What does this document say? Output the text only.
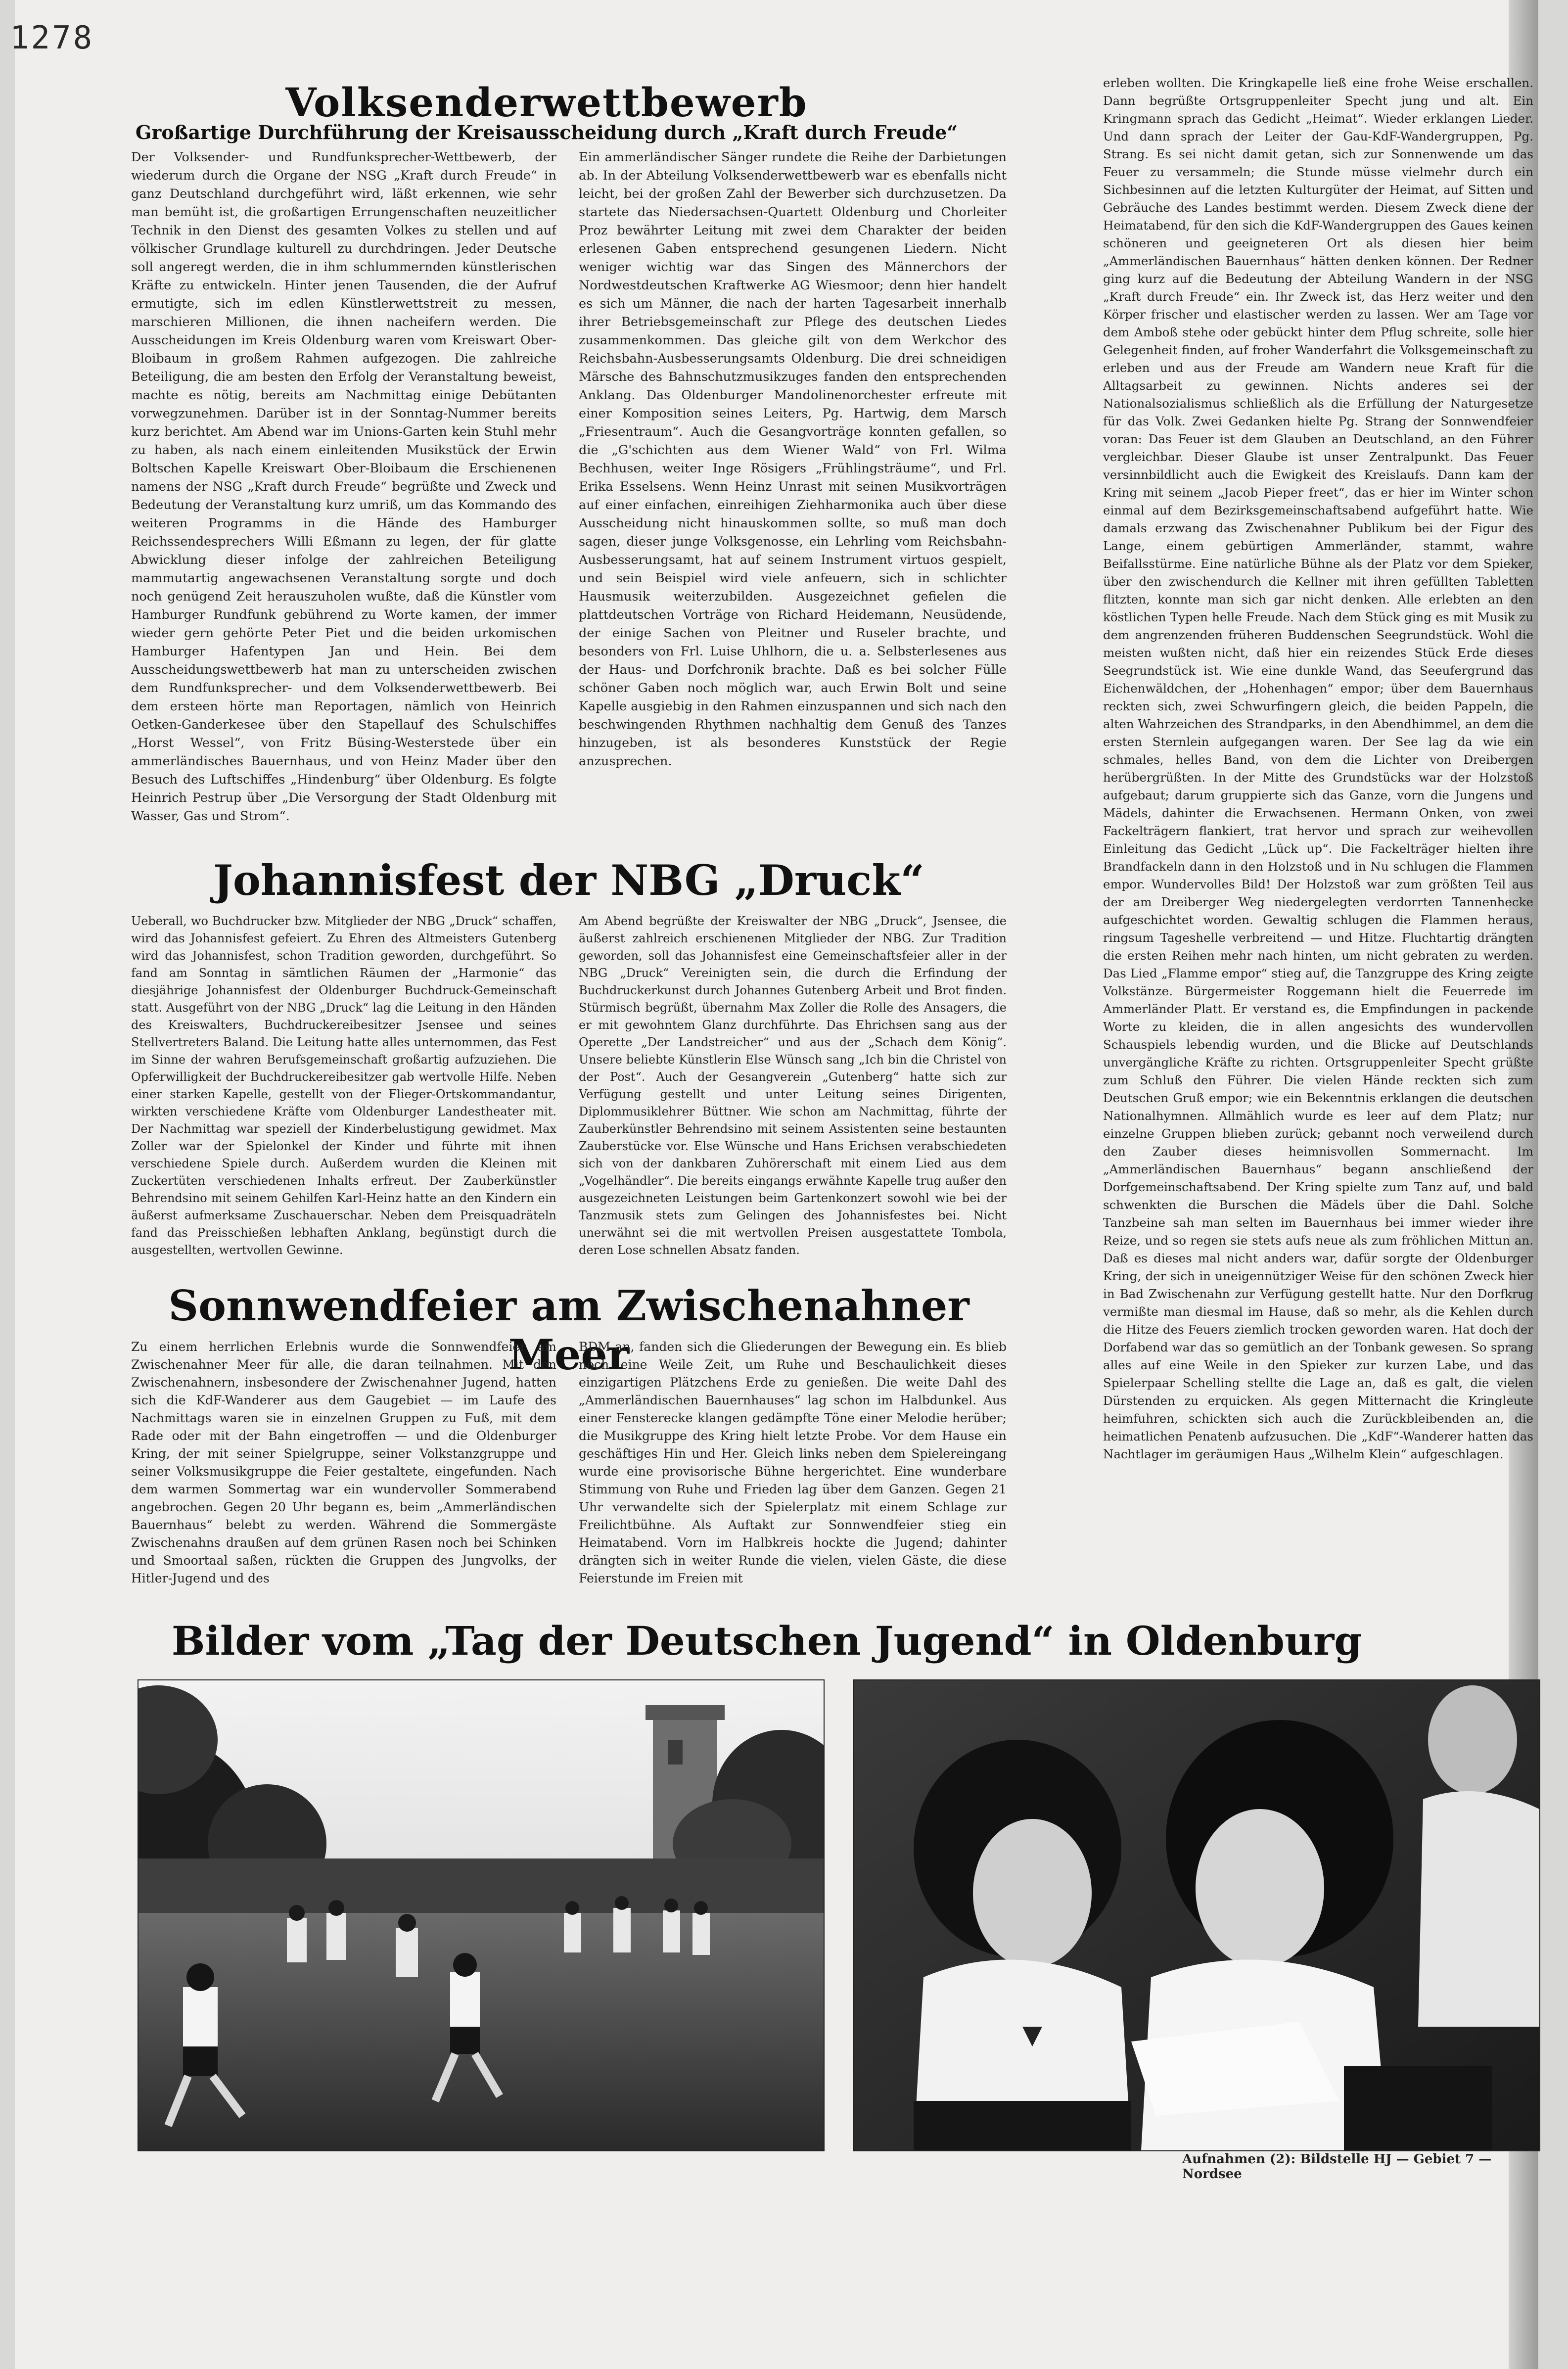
1278
Volksenderwettbewerb
Großartige Durchführung der Kreisausscheidung durch „Kraft durch Freude“
Der Volksender- und Rundfunksprecher-Wettbewerb, der wiederum durch die Organe der NSG „Kraft durch Freude“ in ganz Deutschland durchgeführt wird, läßt erkennen, wie sehr man bemüht ist, die großartigen Errungenschaften neuzeitlicher Technik in den Dienst des gesamten Volkes zu stellen und auf völkischer Grundlage kulturell zu durchdringen. Jeder Deutsche soll angeregt werden, die in ihm schlummernden künstlerischen Kräfte zu entwickeln. Hinter jenen Tausenden, die der Aufruf ermutigte, sich im edlen Künstlerwettstreit zu messen, marschieren Millionen, die ihnen nacheifern werden. Die Ausscheidungen im Kreis Oldenburg waren vom Kreiswart Ober-Bloibaum in großem Rahmen aufgezogen. Die zahlreiche Beteiligung, die am besten den Erfolg der Veranstaltung beweist, machte es nötig, bereits am Nachmittag einige Debütanten vorwegzunehmen. Darüber ist in der Sonntag-Nummer bereits kurz berichtet. Am Abend war im Unions-Garten kein Stuhl mehr zu haben, als nach einem einleitenden Musikstück der Erwin Boltschen Kapelle Kreiswart Ober-Bloibaum die Erschienenen namens der NSG „Kraft durch Freude“ begrüßte und Zweck und Bedeutung der Veranstaltung kurz umriß, um das Kommando des weiteren Programms in die Hände des Hamburger Reichssendesprechers Willi Eßmann zu legen, der für glatte Abwicklung dieser infolge der zahlreichen Beteiligung mammutartig angewachsenen Veranstaltung sorgte und doch noch genügend Zeit herauszuholen wußte, daß die Künstler vom Hamburger Rundfunk gebührend zu Worte kamen, der immer wieder gern gehörte Peter Piet und die beiden urkomischen Hamburger Hafentypen Jan und Hein. Bei dem Ausscheidungswettbewerb hat man zu unterscheiden zwischen dem Rundfunksprecher- und dem Volksenderwettbewerb. Bei dem ersteen hörte man Reportagen, nämlich von Heinrich Oetken-Ganderkesee über den Stapellauf des Schulschiffes „Horst Wessel“, von Fritz Büsing-Westerstede über ein ammerländisches Bauernhaus, und von Heinz Mader über den Besuch des Luftschiffes „Hindenburg“ über Oldenburg. Es folgte Heinrich Pestrup über „Die Versorgung der Stadt Oldenburg mit Wasser, Gas und Strom“.
Ein ammerländischer Sänger rundete die Reihe der Darbietungen ab. In der Abteilung Volksenderwettbewerb war es ebenfalls nicht leicht, bei der großen Zahl der Bewerber sich durchzusetzen. Da startete das Niedersachsen-Quartett Oldenburg und Chorleiter Proz bewährter Leitung mit zwei dem Charakter der beiden erlesenen Gaben entsprechend gesungenen Liedern. Nicht weniger wichtig war das Singen des Männerchors der Nordwestdeutschen Kraftwerke AG Wiesmoor; denn hier handelt es sich um Männer, die nach der harten Tagesarbeit innerhalb ihrer Betriebsgemeinschaft zur Pflege des deutschen Liedes zusammenkommen. Das gleiche gilt von dem Werkchor des Reichsbahn-Ausbesserungsamts Oldenburg. Die drei schneidigen Märsche des Bahnschutzmusikzuges fanden den entsprechenden Anklang. Das Oldenburger Mandolinenorchester erfreute mit einer Komposition seines Leiters, Pg. Hartwig, dem Marsch „Friesentraum“. Auch die Gesangvorträge konnten gefallen, so die „G'schichten aus dem Wiener Wald“ von Frl. Wilma Bechhusen, weiter Inge Rösigers „Frühlingsträume“, und Frl. Erika Esselsens. Wenn Heinz Unrast mit seinen Musikvorträgen auf einer einfachen, einreihigen Ziehharmonika auch über diese Ausscheidung nicht hinauskommen sollte, so muß man doch sagen, dieser junge Volksgenosse, ein Lehrling vom Reichsbahn-Ausbesserungsamt, hat auf seinem Instrument virtuos gespielt, und sein Beispiel wird viele anfeuern, sich in schlichter Hausmusik weiterzubilden. Ausgezeichnet gefielen die plattdeutschen Vorträge von Richard Heidemann, Neusüdende, der einige Sachen von Pleitner und Ruseler brachte, und besonders von Frl. Luise Uhlhorn, die u. a. Selbsterlesenes aus der Haus- und Dorfchronik brachte. Daß es bei solcher Fülle schöner Gaben noch möglich war, auch Erwin Bolt und seine Kapelle ausgiebig in den Rahmen einzuspannen und sich nach den beschwingenden Rhythmen nachhaltig dem Genuß des Tanzes hinzugeben, ist als besonderes Kunststück der Regie anzusprechen.
Johannisfest der NBG „Druck“
Ueberall, wo Buchdrucker bzw. Mitglieder der NBG „Druck“ schaffen, wird das Johannisfest gefeiert. Zu Ehren des Altmeisters Gutenberg wird das Johannisfest, schon Tradition geworden, durchgeführt. So fand am Sonntag in sämtlichen Räumen der „Harmonie“ das diesjährige Johannisfest der Oldenburger Buchdruck-Gemeinschaft statt. Ausgeführt von der NBG „Druck“ lag die Leitung in den Händen des Kreiswalters, Buchdruckereibesitzer Jsensee und seines Stellvertreters Baland. Die Leitung hatte alles unternommen, das Fest im Sinne der wahren Berufsgemeinschaft großartig aufzuziehen. Die Opferwilligkeit der Buchdruckereibesitzer gab wertvolle Hilfe. Neben einer starken Kapelle, gestellt von der Flieger-Ortskommandantur, wirkten verschiedene Kräfte vom Oldenburger Landestheater mit. Der Nachmittag war speziell der Kinderbelustigung gewidmet. Max Zoller war der Spielonkel der Kinder und führte mit ihnen verschiedene Spiele durch. Außerdem wurden die Kleinen mit Zuckertüten verschiedenen Inhalts erfreut. Der Zauberkünstler Behrendsino mit seinem Gehilfen Karl-Heinz hatte an den Kindern ein äußerst aufmerksame Zuschauerschar. Neben dem Preisquadräteln fand das Preisschießen lebhaften Anklang, begünstigt durch die ausgestellten, wertvollen Gewinne.
Am Abend begrüßte der Kreiswalter der NBG „Druck“, Jsensee, die äußerst zahlreich erschienenen Mitglieder der NBG. Zur Tradition geworden, soll das Johannisfest eine Gemeinschaftsfeier aller in der NBG „Druck“ Vereinigten sein, die durch die Erfindung der Buchdruckerkunst durch Johannes Gutenberg Arbeit und Brot finden. Stürmisch begrüßt, übernahm Max Zoller die Rolle des Ansagers, die er mit gewohntem Glanz durchführte. Das Ehrichsen sang aus der Operette „Der Landstreicher“ und aus der „Schach dem König“. Unsere beliebte Künstlerin Else Wünsch sang „Ich bin die Christel von der Post“. Auch der Gesangverein „Gutenberg“ hatte sich zur Verfügung gestellt und unter Leitung seines Dirigenten, Diplommusiklehrer Büttner. Wie schon am Nachmittag, führte der Zauberkünstler Behrendsino mit seinem Assistenten seine bestaunten Zauberstücke vor. Else Wünsche und Hans Erichsen verabschiedeten sich von der dankbaren Zuhörerschaft mit einem Lied aus dem „Vogelhändler“. Die bereits eingangs erwähnte Kapelle trug außer den ausgezeichneten Leistungen beim Gartenkonzert sowohl wie bei der Tanzmusik stets zum Gelingen des Johannisfestes bei. Nicht unerwähnt sei die mit wertvollen Preisen ausgestattete Tombola, deren Lose schnellen Absatz fanden.
Sonnwendfeier am Zwischenahner Meer
Zu einem herrlichen Erlebnis wurde die Sonnwendfeier am Zwischenahner Meer für alle, die daran teilnahmen. Mit den Zwischenahnern, insbesondere der Zwischenahner Jugend, hatten sich die KdF-Wanderer aus dem Gaugebiet — im Laufe des Nachmittags waren sie in einzelnen Gruppen zu Fuß, mit dem Rade oder mit der Bahn eingetroffen — und die Oldenburger Kring, der mit seiner Spielgruppe, seiner Volkstanzgruppe und seiner Volksmusikgruppe die Feier gestaltete, eingefunden. Nach dem warmen Sommertag war ein wundervoller Sommerabend angebrochen. Gegen 20 Uhr begann es, beim „Ammerländischen Bauernhaus“ belebt zu werden. Während die Sommergäste Zwischenahns draußen auf dem grünen Rasen noch bei Schinken und Smoortaal saßen, rückten die Gruppen des Jungvolks, der Hitler-Jugend und des
BDM an, fanden sich die Gliederungen der Bewegung ein. Es blieb noch eine Weile Zeit, um Ruhe und Beschaulichkeit dieses einzigartigen Plätzchens Erde zu genießen. Die weite Dahl des „Ammerländischen Bauernhauses“ lag schon im Halbdunkel. Aus einer Fensterecke klangen gedämpfte Töne einer Melodie herüber; die Musikgruppe des Kring hielt letzte Probe. Vor dem Hause ein geschäftiges Hin und Her. Gleich links neben dem Spielereingang wurde eine provisorische Bühne hergerichtet. Eine wunderbare Stimmung von Ruhe und Frieden lag über dem Ganzen. Gegen 21 Uhr verwandelte sich der Spielerplatz mit einem Schlage zur Freilichtbühne. Als Auftakt zur Sonnwendfeier stieg ein Heimatabend. Vorn im Halbkreis hockte die Jugend; dahinter drängten sich in weiter Runde die vielen, vielen Gäste, die diese Feierstunde im Freien mit
erleben wollten. Die Kringkapelle ließ eine frohe Weise erschallen. Dann begrüßte Ortsgruppenleiter Specht jung und alt. Ein Kringmann sprach das Gedicht „Heimat“. Wieder erklangen Lieder. Und dann sprach der Leiter der Gau-KdF-Wandergruppen, Pg. Strang. Es sei nicht damit getan, sich zur Sonnenwende um das Feuer zu versammeln; die Stunde müsse vielmehr durch ein Sichbesinnen auf die letzten Kulturgüter der Heimat, auf Sitten und Gebräuche des Landes bestimmt werden. Diesem Zweck diene der Heimatabend, für den sich die KdF-Wandergruppen des Gaues keinen schöneren und geeigneteren Ort als diesen hier beim „Ammerländischen Bauernhaus“ hätten denken können. Der Redner ging kurz auf die Bedeutung der Abteilung Wandern in der NSG „Kraft durch Freude“ ein. Ihr Zweck ist, das Herz weiter und den Körper frischer und elastischer werden zu lassen. Wer am Tage vor dem Amboß stehe oder gebückt hinter dem Pflug schreite, solle hier Gelegenheit finden, auf froher Wanderfahrt die Volksgemeinschaft zu erleben und aus der Freude am Wandern neue Kraft für die Alltagsarbeit zu gewinnen. Nichts anderes sei der Nationalsozialismus schließlich als die Erfüllung der Naturgesetze für das Volk. Zwei Gedanken hielte Pg. Strang der Sonnwendfeier voran: Das Feuer ist dem Glauben an Deutschland, an den Führer vergleichbar. Dieser Glaube ist unser Zentralpunkt. Das Feuer versinnbildlicht auch die Ewigkeit des Kreislaufs. Dann kam der Kring mit seinem „Jacob Pieper freet“, das er hier im Winter schon einmal auf dem Bezirksgemeinschaftsabend aufgeführt hatte. Wie damals erzwang das Zwischenahner Publikum bei der Figur des Lange, einem gebürtigen Ammerländer, stammt, wahre Beifallsstürme. Eine natürliche Bühne als der Platz vor dem Spieker, über den zwischendurch die Kellner mit ihren gefüllten Tabletten flitzten, konnte man sich gar nicht denken. Alle erlebten an den köstlichen Typen helle Freude. Nach dem Stück ging es mit Musik zu dem angrenzenden früheren Buddenschen Seegrundstück. Wohl die meisten wußten nicht, daß hier ein reizendes Stück Erde dieses Seegrundstück ist. Wie eine dunkle Wand, das Seeufergrund das Eichenwäldchen, der „Hohenhagen“ empor; über dem Bauernhaus reckten sich, zwei Schwurfingern gleich, die beiden Pappeln, die alten Wahrzeichen des Strandparks, in den Abendhimmel, an dem die ersten Sternlein aufgegangen waren. Der See lag da wie ein schmales, helles Band, von dem die Lichter von Dreibergen herübergrüßten. In der Mitte des Grundstücks war der Holzstoß aufgebaut; darum gruppierte sich das Ganze, vorn die Jungens und Mädels, dahinter die Erwachsenen. Hermann Onken, von zwei Fackelträgern flankiert, trat hervor und sprach zur weihevollen Einleitung das Gedicht „Lück up“. Die Fackelträger hielten ihre Brandfackeln dann in den Holzstoß und in Nu schlugen die Flammen empor. Wundervolles Bild! Der Holzstoß war zum größten Teil aus der am Dreiberger Weg niedergelegten verdorrten Tannenhecke aufgeschichtet worden. Gewaltig schlugen die Flammen heraus, ringsum Tageshelle verbreitend — und Hitze. Fluchtartig drängten die ersten Reihen mehr nach hinten, um nicht gebraten zu werden. Das Lied „Flamme empor“ stieg auf, die Tanzgruppe des Kring zeigte Volkstänze. Bürgermeister Roggemann hielt die Feuerrede im Ammerländer Platt. Er verstand es, die Empfindungen in packende Worte zu kleiden, die in allen angesichts des wundervollen Schauspiels lebendig wurden, und die Blicke auf Deutschlands unvergängliche Kräfte zu richten. Ortsgruppenleiter Specht grüßte zum Schluß den Führer. Die vielen Hände reckten sich zum Deutschen Gruß empor; wie ein Bekenntnis erklangen die deutschen Nationalhymnen. Allmählich wurde es leer auf dem Platz; nur einzelne Gruppen blieben zurück; gebannt noch verweilend durch den Zauber dieses heimnisvollen Sommernacht. Im „Ammerländischen Bauernhaus“ begann anschließend der Dorfgemeinschaftsabend. Der Kring spielte zum Tanz auf, und bald schwenkten die Burschen die Mädels über die Dahl. Solche Tanzbeine sah man selten im Bauernhaus bei immer wieder ihre Reize, und so regen sie stets aufs neue als zum fröhlichen Mittun an. Daß es dieses mal nicht anders war, dafür sorgte der Oldenburger Kring, der sich in uneigennütziger Weise für den schönen Zweck hier in Bad Zwischenahn zur Verfügung gestellt hatte. Nur den Dorfkrug vermißte man diesmal im Hause, daß so mehr, als die Kehlen durch die Hitze des Feuers ziemlich trocken geworden waren. Hat doch der Dorfabend war das so gemütlich an der Tonbank gewesen. So sprang alles auf eine Weile in den Spieker zur kurzen Labe, und das Spielerpaar Schelling stellte die Lage an, daß es galt, die vielen Dürstenden zu erquicken. Als gegen Mitternacht die Kringleute heimfuhren, schickten sich auch die Zurückbleibenden an, die heimatlichen Penatenb aufzusuchen. Die „KdF“-Wanderer hatten das Nachtlager im geräumigen Haus „Wilhelm Klein“ aufgeschlagen.
Bilder vom „Tag der Deutschen Jugend“ in Oldenburg
Aufnahmen (2): Bildstelle HJ — Gebiet 7 — Nordsee
